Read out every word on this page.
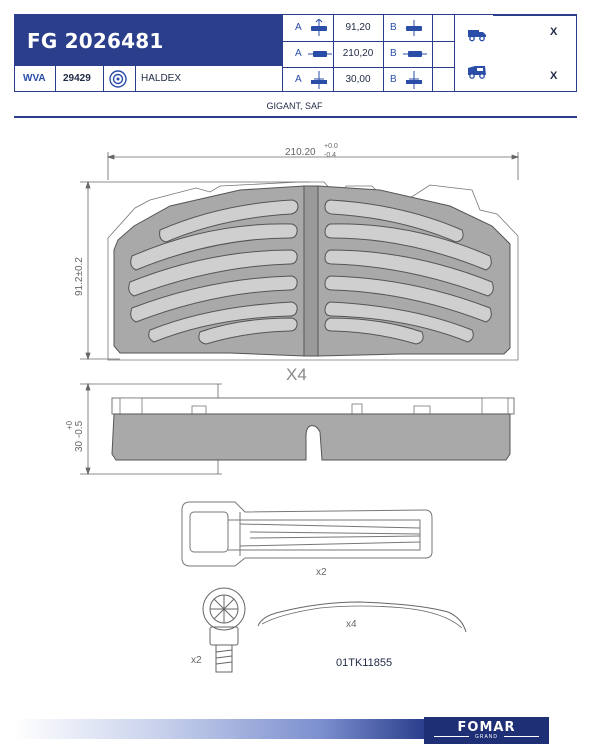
FG 2026481
WVA 29429	HALDEX
A	91,20	B
A	210,20	B
A	30,00	B
X
X
GIGANT, SAF
210.20
+0.0
-0.4
91.2±0.2
X4
30 -0.5
+0
x2
x2
x4
01TK11855
FOMAR
GRAND
